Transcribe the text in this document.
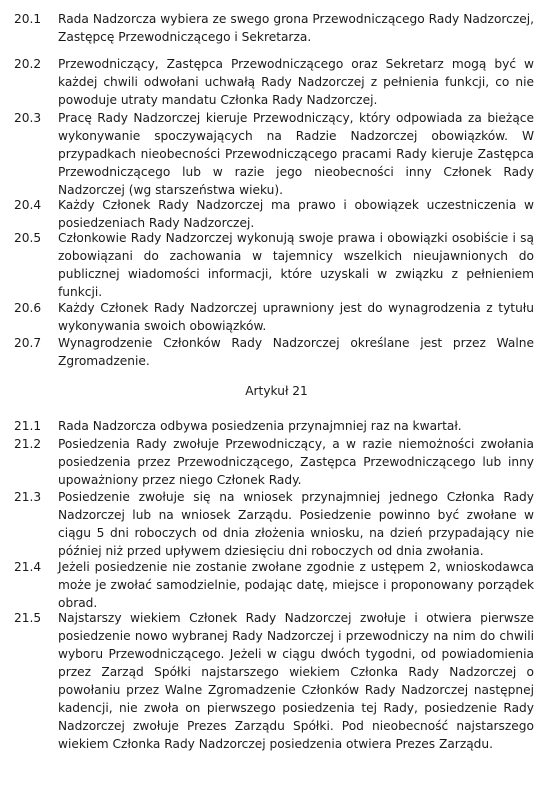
20.1	Rada Nadzorcza wybiera ze swego grona Przewodniczącego Rady Nadzorczej, Zastępcę Przewodniczącego i Sekretarza.
20.2	Przewodniczący, Zastępca Przewodniczącego oraz Sekretarz mogą być w każdej chwili odwołani uchwałą Rady Nadzorczej z pełnienia funkcji, co nie powoduje utraty mandatu Członka Rady Nadzorczej.
20.3	Pracę Rady Nadzorczej kieruje Przewodniczący, który odpowiada za bieżące wykonywanie spoczywających na Radzie Nadzorczej obowiązków. W przypadkach nieobecności Przewodniczącego pracami Rady kieruje Zastępca Przewodniczącego lub w razie jego nieobecności inny Członek Rady Nadzorczej (wg starszeństwa wieku).
20.4	Każdy Członek Rady Nadzorczej ma prawo i obowiązek uczestniczenia w posiedzeniach Rady Nadzorczej.
20.5	Członkowie Rady Nadzorczej wykonują swoje prawa i obowiązki osobiście i są zobowiązani do zachowania w tajemnicy wszelkich nieujawnionych do publicznej wiadomości informacji, które uzyskali w związku z pełnieniem funkcji.
20.6	Każdy Członek Rady Nadzorczej uprawniony jest do wynagrodzenia z tytułu wykonywania swoich obowiązków.
20.7	Wynagrodzenie Członków Rady Nadzorczej określane jest przez Walne Zgromadzenie.
Artykuł 21
21.1	Rada Nadzorcza odbywa posiedzenia przynajmniej raz na kwartał.
21.2	Posiedzenia Rady zwołuje Przewodniczący, a w razie niemożności zwołania posiedzenia przez Przewodniczącego, Zastępca Przewodniczącego lub inny upoważniony przez niego Członek Rady.
21.3	Posiedzenie zwołuje się na wniosek przynajmniej jednego Członka Rady Nadzorczej lub na wniosek Zarządu. Posiedzenie powinno być zwołane w ciągu 5 dni roboczych od dnia złożenia wniosku, na dzień przypadający nie później niż przed upływem dziesięciu dni roboczych od dnia zwołania.
21.4	Jeżeli posiedzenie nie zostanie zwołane zgodnie z ustępem 2, wnioskodawca może je zwołać samodzielnie, podając datę, miejsce i proponowany porządek obrad.
21.5	Najstarszy wiekiem Członek Rady Nadzorczej zwołuje i otwiera pierwsze posiedzenie nowo wybranej Rady Nadzorczej i przewodniczy na nim do chwili wyboru Przewodniczącego. Jeżeli w ciągu dwóch tygodni, od powiadomienia przez Zarząd Spółki najstarszego wiekiem Członka Rady Nadzorczej o powołaniu przez Walne Zgromadzenie Członków Rady Nadzorczej następnej kadencji, nie zwoła on pierwszego posiedzenia tej Rady, posiedzenie Rady Nadzorczej zwołuje Prezes Zarządu Spółki. Pod nieobecność najstarszego wiekiem Członka Rady Nadzorczej posiedzenia otwiera Prezes Zarządu.
